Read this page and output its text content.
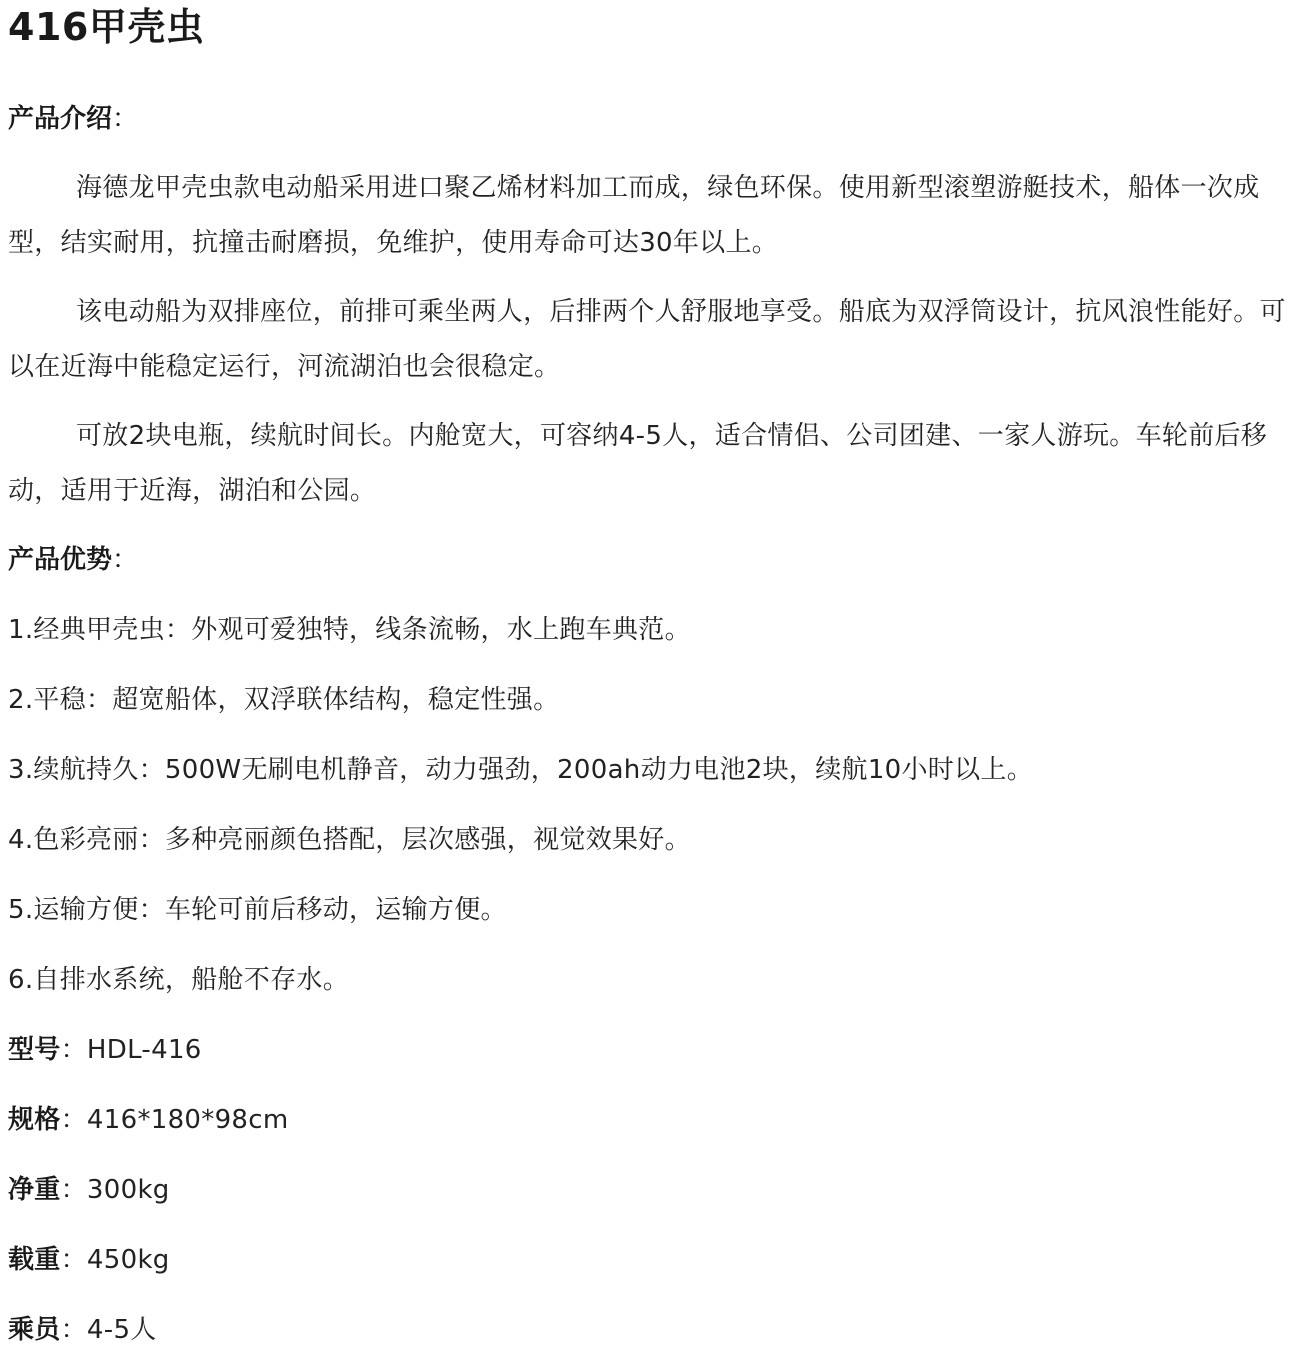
416甲壳虫

产品介绍：

海德龙甲壳虫款电动船采用进口聚乙烯材料加工而成，绿色环保。使用新型滚塑游艇技术，船体一次成型，结实耐用，抗撞击耐磨损，免维护，使用寿命可达30年以上。

该电动船为双排座位，前排可乘坐两人，后排两个人舒服地享受。船底为双浮筒设计，抗风浪性能好。可以在近海中能稳定运行，河流湖泊也会很稳定。

可放2块电瓶，续航时间长。内舱宽大，可容纳4-5人，适合情侣、公司团建、一家人游玩。车轮前后移动，适用于近海，湖泊和公园。

产品优势：

1.经典甲壳虫：外观可爱独特，线条流畅，水上跑车典范。

2.平稳：超宽船体，双浮联体结构，稳定性强。

3.续航持久：500W无刷电机静音，动力强劲，200ah动力电池2块，续航10小时以上。

4.色彩亮丽：多种亮丽颜色搭配，层次感强，视觉效果好。

5.运输方便：车轮可前后移动，运输方便。

6.自排水系统，船舱不存水。

型号：HDL-416

规格：416*180*98cm

净重：300kg

载重：450kg

乘员：4-5人
